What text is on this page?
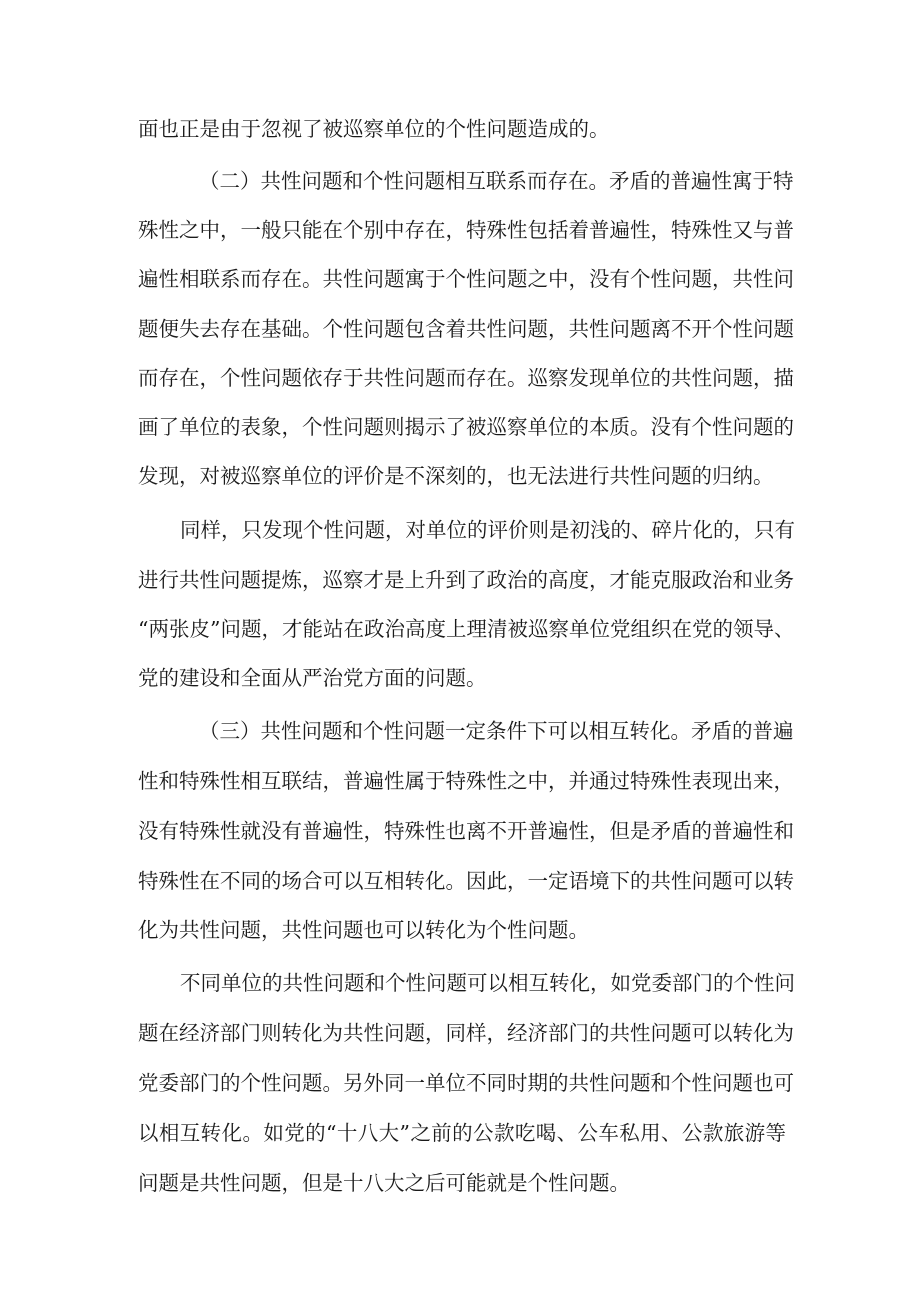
面也正是由于忽视了被巡察单位的个性问题造成的。
（二）共性问题和个性问题相互联系而存在。矛盾的普遍性寓于特
殊性之中，一般只能在个别中存在，特殊性包括着普遍性，特殊性又与普
遍性相联系而存在。共性问题寓于个性问题之中，没有个性问题，共性问
题便失去存在基础。个性问题包含着共性问题，共性问题离不开个性问题
而存在，个性问题依存于共性问题而存在。巡察发现单位的共性问题，描
画了单位的表象，个性问题则揭示了被巡察单位的本质。没有个性问题的
发现，对被巡察单位的评价是不深刻的，也无法进行共性问题的归纳。
同样，只发现个性问题，对单位的评价则是初浅的、碎片化的，只有
进行共性问题提炼，巡察才是上升到了政治的高度，才能克服政治和业务
“两张皮”问题，才能站在政治高度上理清被巡察单位党组织在党的领导、
党的建设和全面从严治党方面的问题。
（三）共性问题和个性问题一定条件下可以相互转化。矛盾的普遍
性和特殊性相互联结，普遍性属于特殊性之中，并通过特殊性表现出来，
没有特殊性就没有普遍性，特殊性也离不开普遍性，但是矛盾的普遍性和
特殊性在不同的场合可以互相转化。因此，一定语境下的共性问题可以转
化为共性问题，共性问题也可以转化为个性问题。
不同单位的共性问题和个性问题可以相互转化，如党委部门的个性问
题在经济部门则转化为共性问题，同样，经济部门的共性问题可以转化为
党委部门的个性问题。另外同一单位不同时期的共性问题和个性问题也可
以相互转化。如党的“十八大”之前的公款吃喝、公车私用、公款旅游等
问题是共性问题，但是十八大之后可能就是个性问题。
